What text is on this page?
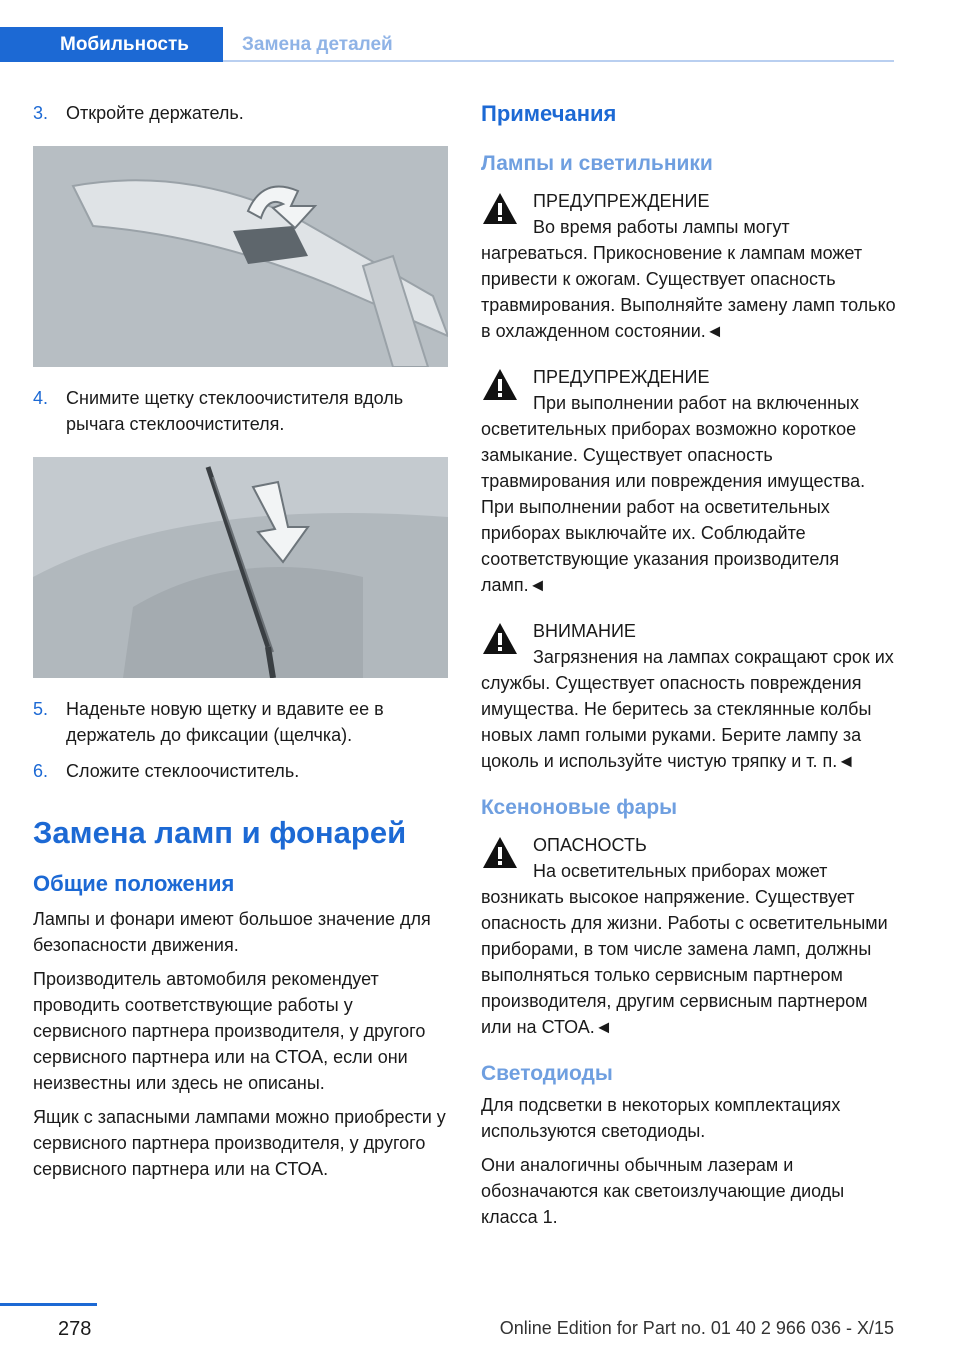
Мобильность	Замена деталей
3. Откройте держатель.
4. Снимите щетку стеклоочистителя вдоль рычага стеклоочистителя.
5. Наденьте новую щетку и вдавите ее в держатель до фиксации (щелчка).
6. Сложите стеклоочиститель.
Замена ламп и фонарей
Общие положения

Лампы и фонари имеют большое значение для безопасности движения.

Производитель автомобиля рекомендует проводить соответствующие работы у сервисного партнера производителя, у другого сервисного партнера или на СТОА, если они неизвестны или здесь не описаны.

Ящик с запасными лампами можно приобрести у сервисного партнера производителя, у другого сервисного партнера или на СТОА.

Примечания
Лампы и светильники
ПРЕДУПРЕЖДЕНИЕ
Во время работы лампы могут нагреваться. Прикосновение к лампам может привести к ожогам. Существует опасность травмирования. Выполняйте замену ламп только в охлажденном состоянии.◄
ПРЕДУПРЕЖДЕНИЕ
При выполнении работ на включенных осветительных приборах возможно короткое замыкание. Существует опасность травмирования или повреждения имущества. При выполнении работ на осветительных приборах выключайте их. Соблюдайте соответствующие указания производителя ламп.◄
ВНИМАНИЕ
Загрязнения на лампах сокращают срок их службы. Существует опасность повреждения имущества. Не беритесь за стеклянные колбы новых ламп голыми руками. Берите лампу за цоколь и используйте чистую тряпку и т. п.◄
Ксеноновые фары
ОПАСНОСТЬ
На осветительных приборах может возникать высокое напряжение. Существует опасность для жизни. Работы с осветительными приборами, в том числе замена ламп, должны выполняться только сервисным партнером производителя, другим сервисным партнером или на СТОА.◄
Светодиоды

Для подсветки в некоторых комплектациях используются светодиоды.

Они аналогичны обычным лазерам и обозначаются как светоизлучающие диоды класса 1.

278	Online Edition for Part no. 01 40 2 966 036 - X/15
